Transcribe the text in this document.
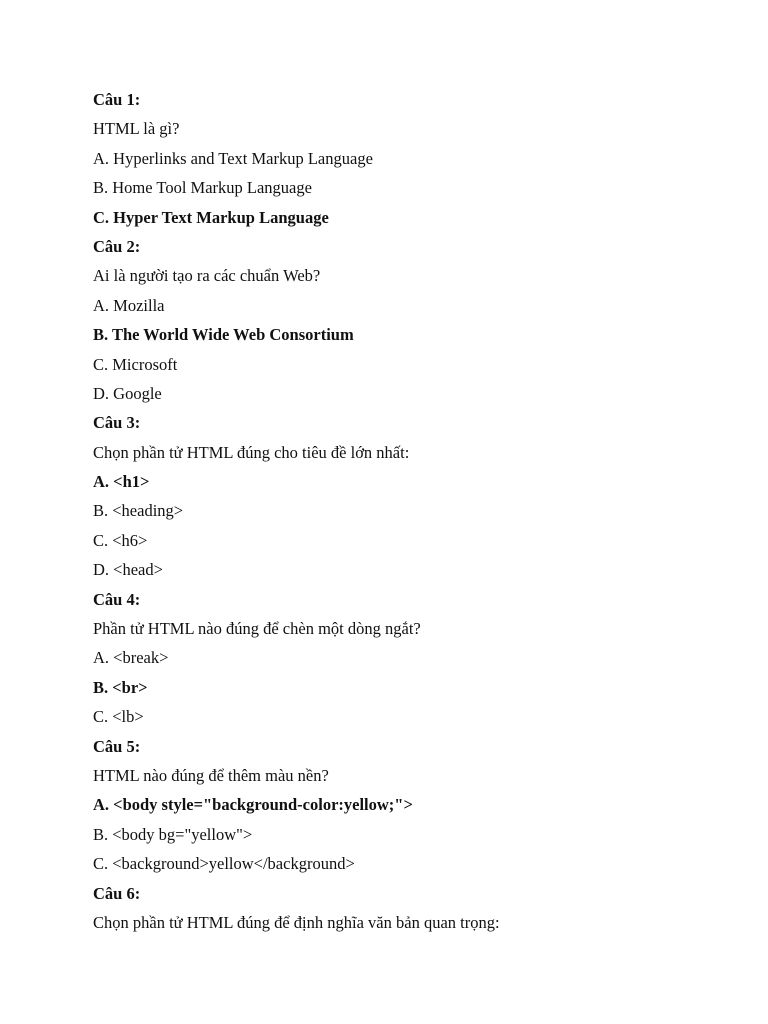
Câu 1:
HTML là gì?
A. Hyperlinks and Text Markup Language
B. Home Tool Markup Language
C. Hyper Text Markup Language
Câu 2:
Ai là người tạo ra các chuẩn Web?
A. Mozilla
B. The World Wide Web Consortium
C. Microsoft
D. Google
Câu 3:
Chọn phần tử HTML đúng cho tiêu đề lớn nhất:
A. <h1>
B. <heading>
C. <h6>
D. <head>
Câu 4:
Phần tử HTML nào đúng để chèn một dòng ngắt?
A. <break>
B. <br>
C. <lb>
Câu 5:
HTML nào đúng để thêm màu nền?
A. <body style="background-color:yellow;">
B. <body bg="yellow">
C. <background>yellow</background>
Câu 6:
Chọn phần tử HTML đúng để định nghĩa văn bản quan trọng:
